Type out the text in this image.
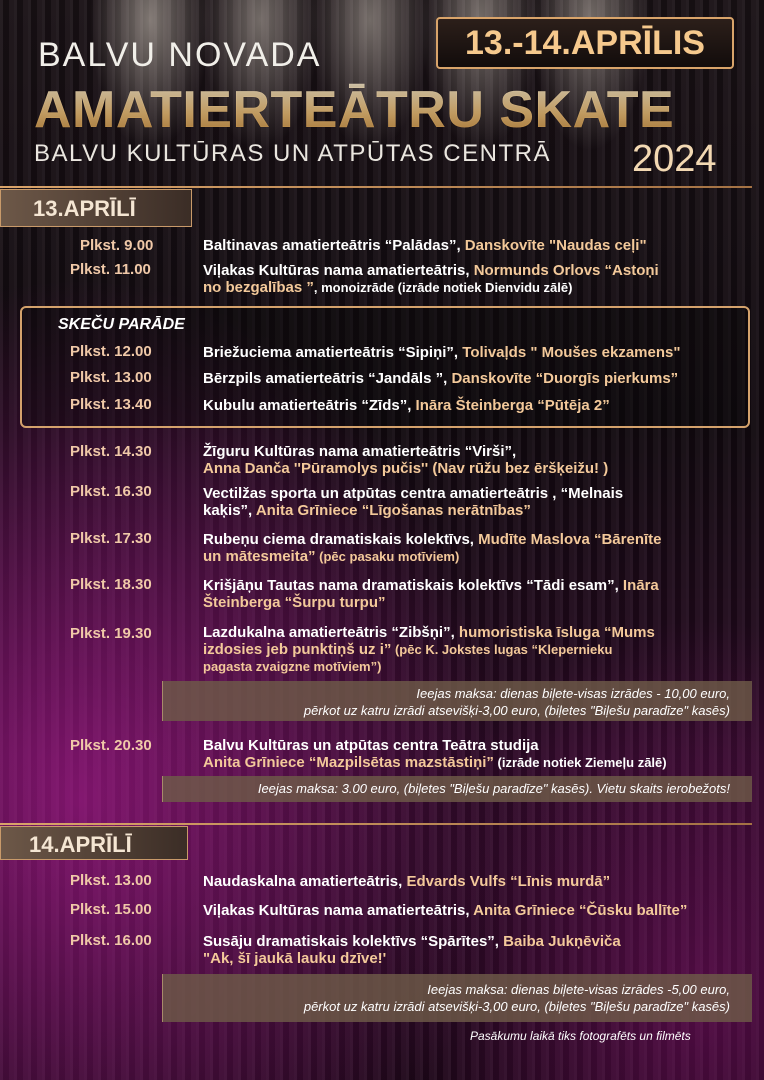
BALVU NOVADA	13.-14.APRĪLIS
AMATIERTEĀTRU SKATE
BALVU KULTŪRAS UN ATPŪTAS CENTRĀ 2024
13.APRĪLĪ
Plkst. 9.00	Baltinavas amatierteātris “Palādas”, Danskovīte "Naudas ceļi"
Plkst. 11.00	Viļakas Kultūras nama amatierteātris, Normunds Orlovs “Astoņi
no bezgalības ”, monoizrāde (izrāde notiek Dienvidu zālē)
SKEČU PARĀDE
Plkst. 12.00	Briežuciema amatierteātris “Sipiņi”, Tolivaļds " Moušes ekzamens"
Plkst. 13.00	Bērzpils amatierteātris “Jandāls ”, Danskovīte “Duorgīs pierkums”
Plkst. 13.40	Kubulu amatierteātris “Zīds”, Ināra Šteinberga “Pūtēja 2”
Plkst. 14.30	Žīguru Kultūras nama amatierteātris “Virši”,
Anna Danča ''Pūramolys pučis'' (Nav rūžu bez ēršķeižu! )
Plkst. 16.30	Vectilžas sporta un atpūtas centra amatierteātris , “Melnais
kaķis”, Anita Grīniece “Līgošanas nerātnības”
Plkst. 17.30	Rubeņu ciema dramatiskais kolektīvs, Mudīte Maslova “Bārenīte
un mātesmeita” (pēc pasaku motīviem)
Plkst. 18.30	Krišjāņu Tautas nama dramatiskais kolektīvs “Tādi esam”, Ināra
Šteinberga “Šurpu turpu”
Plkst. 19.30	Lazdukalna amatierteātris “Zibšņi”, humoristiska īsluga “Mums
izdosies jeb punktiņš uz i” (pēc K. Jokstes lugas “Klepernieku
pagasta zvaigzne motīviem”)
Ieejas maksa: dienas biļete-visas izrādes - 10,00 euro,
pērkot uz katru izrādi atsevišķi-3,00 euro, (biļetes "Biļešu paradīze" kasēs)
Plkst. 20.30	Balvu Kultūras un atpūtas centra Teātra studija
Anita Grīniece “Mazpilsētas mazstāstiņi” (izrāde notiek Ziemeļu zālē)
Ieejas maksa: 3.00 euro, (biļetes "Biļešu paradīze" kasēs). Vietu skaits ierobežots!
14.APRĪLĪ
Plkst. 13.00	Naudaskalna amatierteātris, Edvards Vulfs “Līnis murdā”
Plkst. 15.00	Viļakas Kultūras nama amatierteātris, Anita Grīniece “Čūsku ballīte”
Plkst. 16.00	Susāju dramatiskais kolektīvs “Spārītes”, Baiba Jukņēviča
"Ak, šī jaukā lauku dzīve!'
Ieejas maksa: dienas biļete-visas izrādes -5,00 euro,
pērkot uz katru izrādi atsevišķi-3,00 euro, (biļetes "Biļešu paradīze" kasēs)
Pasākumu laikā tiks fotografēts un filmēts
